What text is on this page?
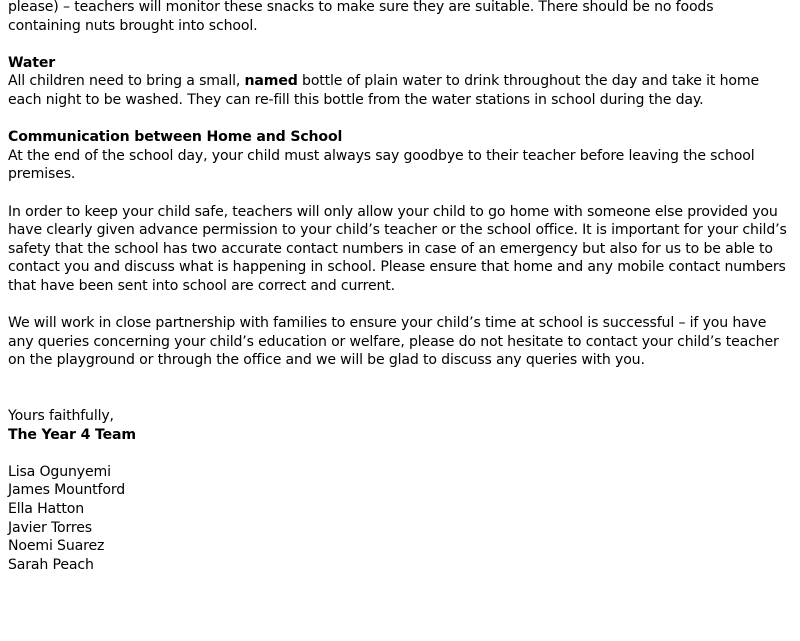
please) – teachers will monitor these snacks to make sure they are suitable. There should be no foods

containing nuts brought into school.

Water

All children need to bring a small, named bottle of plain water to drink throughout the day and take it home each night to be washed. They can re-fill this bottle from the water stations in school during the day.

Communication between Home and School

At the end of the school day, your child must always say goodbye to their teacher before leaving the school premises.

In order to keep your child safe, teachers will only allow your child to go home with someone else provided you have clearly given advance permission to your child’s teacher or the school office. It is important for your child’s safety that the school has two accurate contact numbers in case of an emergency but also for us to be able to contact you and discuss what is happening in school. Please ensure that home and any mobile contact numbers that have been sent into school are correct and current.

We will work in close partnership with families to ensure your child’s time at school is successful – if you have any queries concerning your child’s education or welfare, please do not hesitate to contact your child’s teacher on the playground or through the office and we will be glad to discuss any queries with you.

Yours faithfully,

The Year 4 Team

Lisa Ogunyemi

James Mountford

Ella Hatton

Javier Torres

Noemi Suarez

Sarah Peach
